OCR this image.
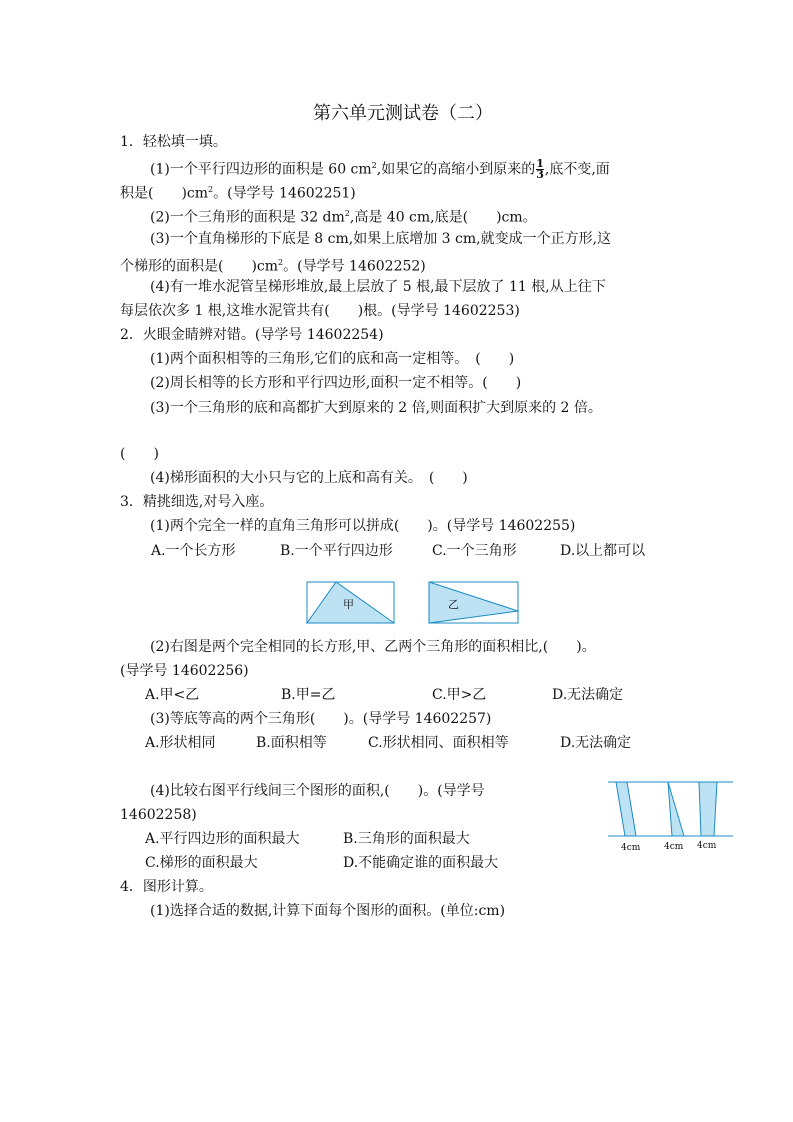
第六单元测试卷（二）
1．轻松填一填。
(1)一个平行四边形的面积是 60 $cm^2$,如果它的高缩小到原来的 $\frac{1}{3}$ ,底不变,面
积是(　　)$cm^2$。(导学号 14602251)
(2)一个三角形的面积是 32 $dm^2$,高是 40 cm,底是(　　)cm。
(3)一个直角梯形的下底是 8 cm,如果上底增加 3 cm,就变成一个正方形,这
个梯形的面积是(　　)$cm^2$。(导学号 14602252)
(4)有一堆水泥管呈梯形堆放,最上层放了 5 根,最下层放了 11 根,从上往下
每层依次多 1 根,这堆水泥管共有(　　)根。(导学号 14602253)
2．火眼金睛辨对错。(导学号 14602254)
(1)两个面积相等的三角形,它们的底和高一定相等。　(　　)
(2)周长相等的长方形和平行四边形,面积一定不相等。(　　)
(3)一个三角形的底和高都扩大到原来的 2 倍,则面积扩大到原来的 2 倍。
(　　)
(4)梯形面积的大小只与它的上底和高有关。　(　　)
3．精挑细选,对号入座。
(1)两个完全一样的直角三角形可以拼成(　　)。(导学号 14602255)
A.一个长方形	B.一个平行四边形	C.一个三角形	D.以上都可以
甲	乙
(2)右图是两个完全相同的长方形,甲、乙两个三角形的面积相比,(　　)。
(导学号 14602256)
A.甲<乙	B.甲=乙	C.甲>乙	D.无法确定
(3)等底等高的两个三角形(　　)。(导学号 14602257)
A.形状相同	B.面积相等	C.形状相同、面积相等	D.无法确定
(4)比较右图平行线间三个图形的面积,(　　)。(导学号
14602258)
A.平行四边形的面积最大	B.三角形的面积最大
C.梯形的面积最大	D.不能确定谁的面积最大
4cm	4cm 4cm
4．图形计算。
(1)选择合适的数据,计算下面每个图形的面积。(单位:cm)
